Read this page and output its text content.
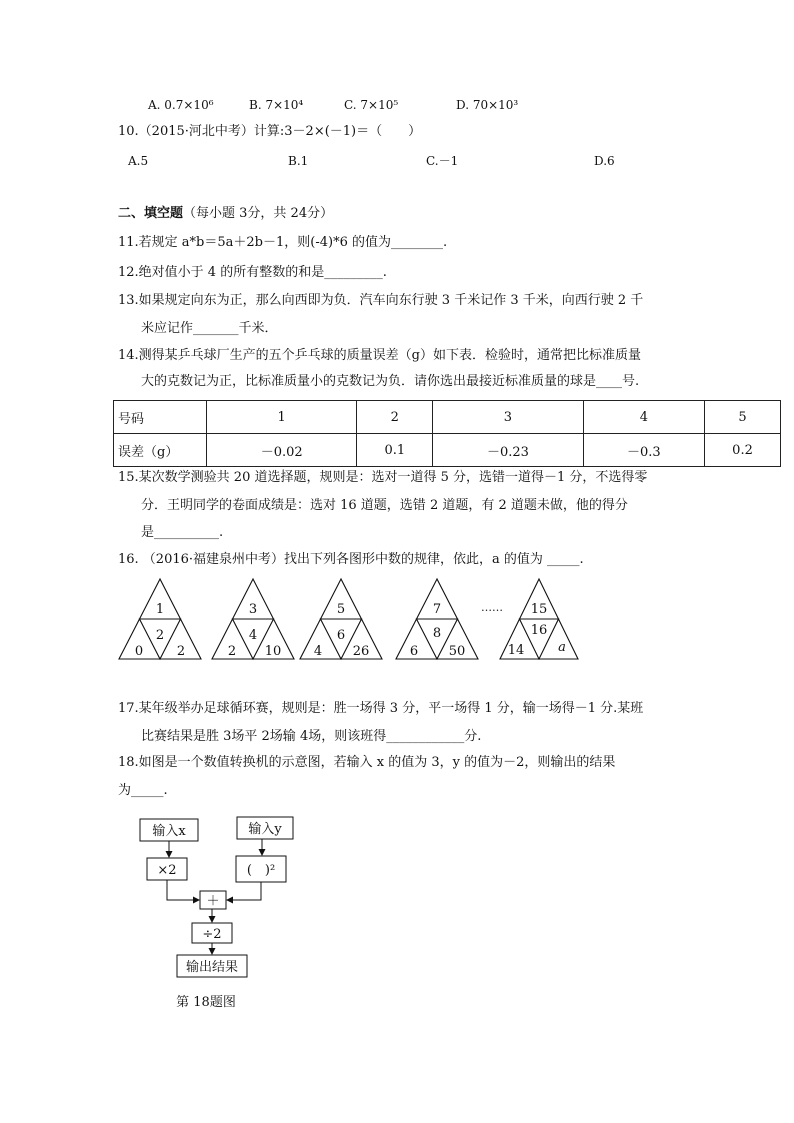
A. 0.7×10⁶	B. 7×10⁴	C. 7×10⁵	D. 70×10³
10.（2015·河北中考）计算:3－2×(－1)＝（　　）
A.5	B.1	C.－1	D.6
二、填空题（每小题 3分，共 24分）
11.若规定 a*b＝5a＋2b－1，则(-4)*6 的值为________.
12.绝对值小于 4 的所有整数的和是_________.
13.如果规定向东为正，那么向西即为负．汽车向东行驶 3 千米记作 3 千米，向西行驶 2 千
米应记作_______千米．
14.测得某乒乓球厂生产的五个乒乓球的质量误差（g）如下表．检验时，通常把比标准质量
大的克数记为正，比标准质量小的克数记为负．请你选出最接近标准质量的球是____号.
号码	1	2	3	4	5
误差（g）	－0.02	0.1	－0.23	－0.3	0.2
15.某次数学测验共 20 道选择题，规则是：选对一道得 5 分，选错一道得－1 分，不选得零
分．王明同学的卷面成绩是：选对 16 道题，选错 2 道题，有 2 道题未做，他的得分
是__________.
16. （2016·福建泉州中考）找出下列各图形中数的规律，依此，a 的值为 _____.
1
2
0	2
3
4
2 10
5
6
4 26
7
8
6 50
15
16
14	a
……
17.某年级举办足球循环赛，规则是：胜一场得 3 分，平一场得 1 分，输一场得－1 分.某班
比赛结果是胜 3场平 2场输 4场，则该班得____________分.
18.如图是一个数值转换机的示意图，若输入 x 的值为 3，y 的值为－2，则输出的结果
为_____.
输入x	输入y
×2	(　)²
＋
÷2
输出结果
第 18题图
